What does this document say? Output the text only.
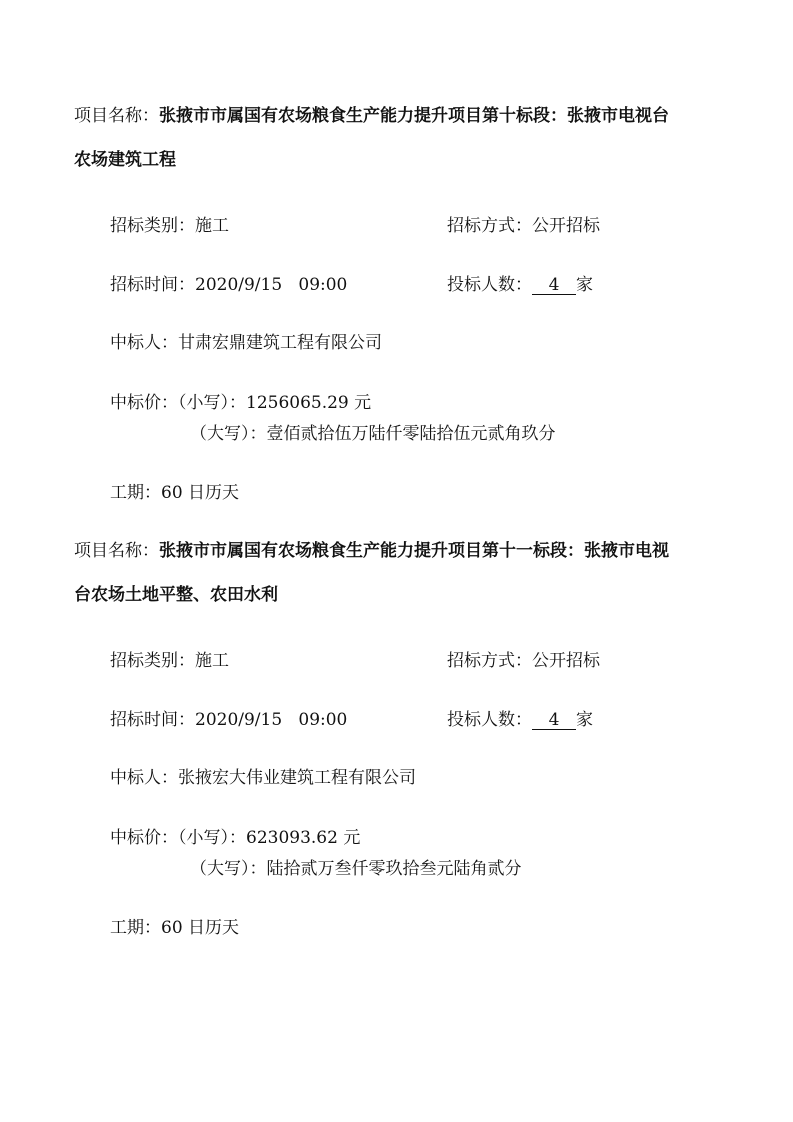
项目名称：张掖市市属国有农场粮食生产能力提升项目第十标段：张掖市电视台
农场建筑工程
招标类别：施工	招标方式：公开招标
招标时间：2020/9/15   09:00	投标人数： 4 家
中标人：甘肃宏鼎建筑工程有限公司
中标价：（小写）：1256065.29 元
（大写）：壹佰贰拾伍万陆仟零陆拾伍元贰角玖分
工期：60 日历天
项目名称：张掖市市属国有农场粮食生产能力提升项目第十一标段：张掖市电视
台农场土地平整、农田水利
招标类别：施工	招标方式：公开招标
招标时间：2020/9/15   09:00	投标人数： 4 家
中标人：张掖宏大伟业建筑工程有限公司
中标价：（小写）：623093.62 元
（大写）：陆拾贰万叁仟零玖拾叁元陆角贰分
工期：60 日历天
